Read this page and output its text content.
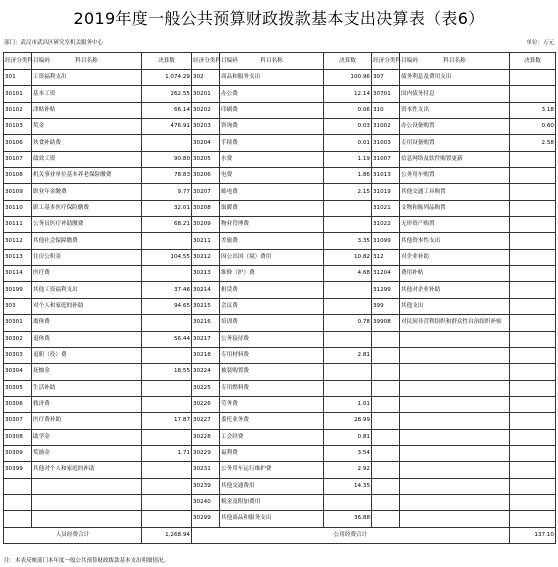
2019年度一般公共预算财政拨款基本支出决算表（表6）
部门：武汉市武昌区研究室机关服务中心	单位：万元
经济分类科目编码	科目名称	决算数	经济分类科目编码	科目名称	决算数	经济分类科目编码	科目名称	决算数
301	工资福利支出	1,074.29	302	商品和服务支出	100.96	307	债务利息及费用支出	
30101	基本工资	262.55	30201	办公费	12.14	30701	国内债务付息	
30102	津贴补贴	66.14	30202	印刷费	0.06	310	资本性支出	3.18
30103	奖金	476.91	30203	咨询费	0.03	31002	办公设备购置	0.60
30106	伙食补助费		30204	手续费	0.01	31003	专用设备购置	2.58
30107	绩效工资	90.80	30205	水费	1.19	31007	信息网络及软件购置更新	
30108	机关事业单位基本养老保险缴费	78.83	30206	电费	1.86	31013	公务用车购置	
30109	职业年金缴费	9.77	30207	邮电费	2.15	31019	其他交通工具购置	
30110	职工基本医疗保险缴费	32.01	30208	取暖费		31021	文物和陈列品购置	
30111	公务员医疗补助缴费	68.21	30209	物业管理费		31022	无形资产购置	
30112	其他社会保障缴费		30211	差旅费	3.35	31099	其他资本性支出	
30113	住房公积金	104.55	30212	因公出国（境）费用	10.82	312	对企业补助	
30114	医疗费		30213	维修（护）费	4.68	31204	费用补贴	
30199	其他工资福利支出	37.46	30214	租赁费		31299	其他对企业补助	
303	对个人和家庭的补助	94.65	30215	会议费		399	其他支出	
30301	离休费		30216	培训费	0.78	39908	对民间非营利组织和群众性自治组织补贴	
30302	退休费	56.44	30217	公务接待费				
30303	退职（役）费		30218	专用材料费	2.81			
30304	抚恤金	18.55	30224	被装购置费				
30305	生活补助		30225	专用燃料费				
30306	救济费		30226	劳务费	1.01			
30307	医疗费补助	17.87	30227	委托业务费	28.99			
30308	助学金		30228	工会经费	0.81			
30309	奖励金	1.71	30229	福利费	3.54			
30399	其他对个人和家庭的补助		30231	公务用车运行维护费	2.92			
			30239	其他交通费用	14.35			
			30240	税金及附加费用				
			30299	其他商品和服务支出	36.88			
人员经费合计		1,268.94	公用经费合计					137.10
注：本表反映部门本年度一般公共预算财政拨款基本支出明细情况。
